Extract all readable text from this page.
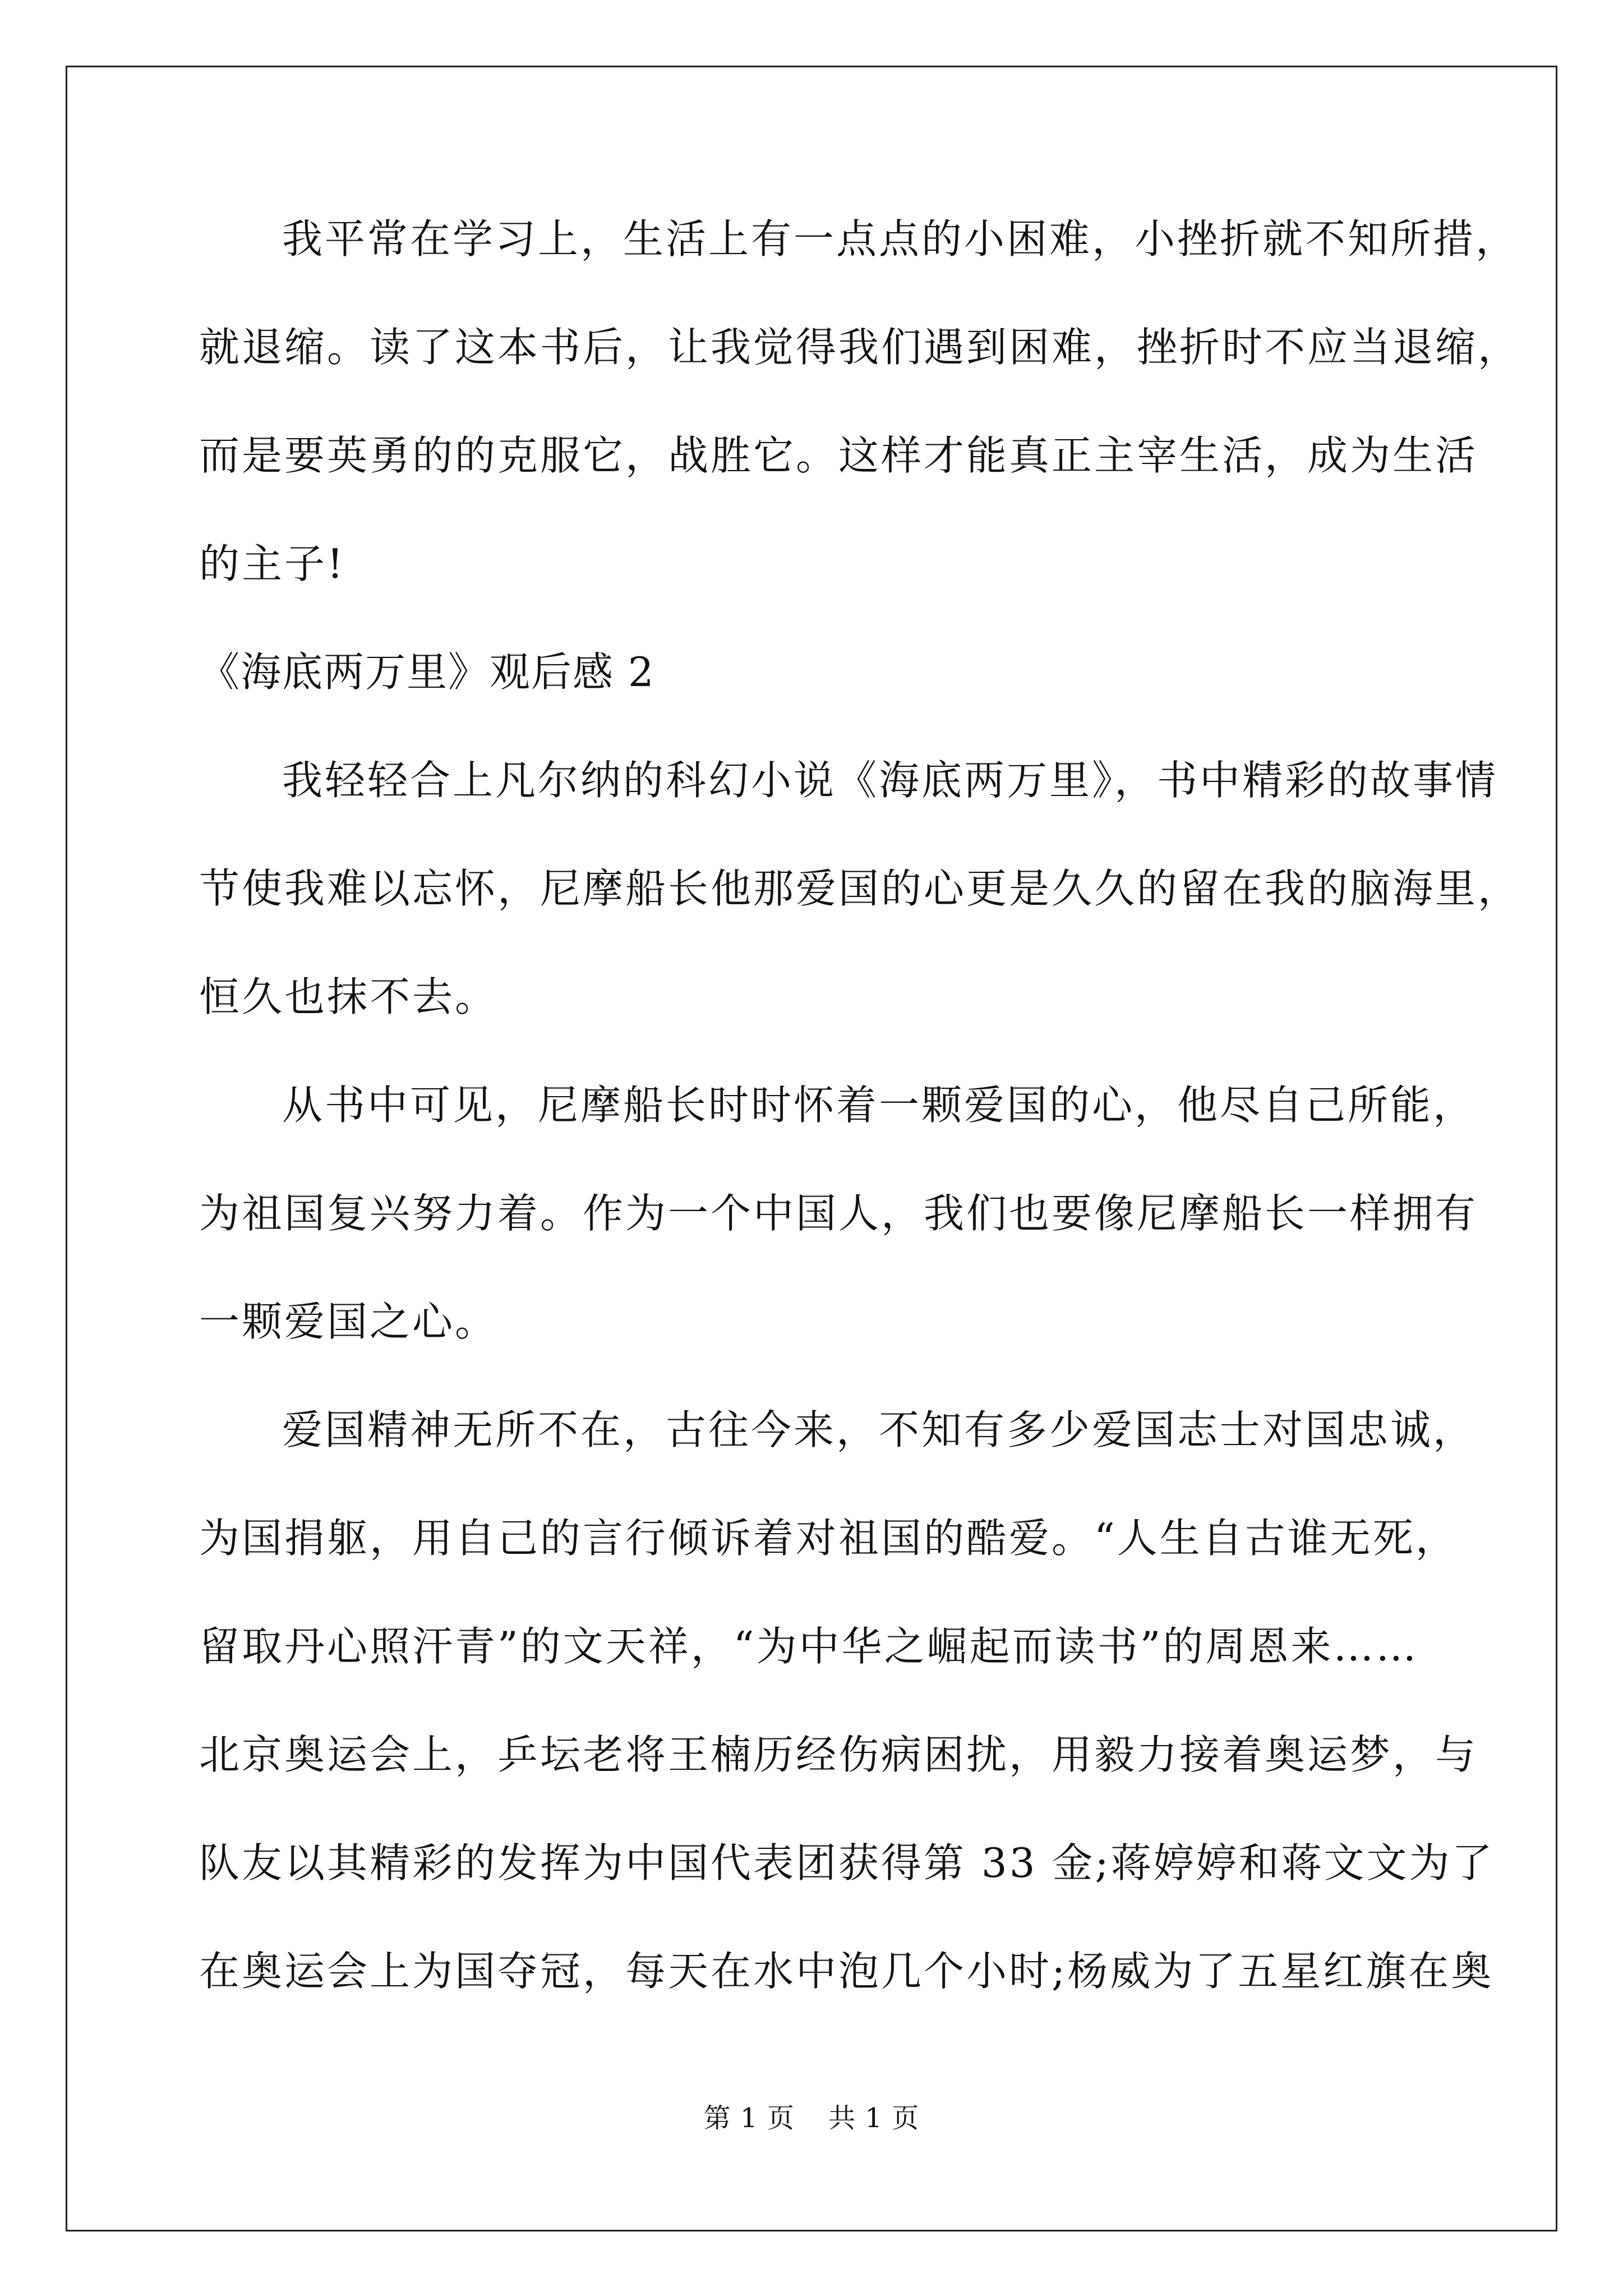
我平常在学习上，生活上有一点点的小困难，小挫折就不知所措，
就退缩。读了这本书后，让我觉得我们遇到困难，挫折时不应当退缩，
而是要英勇的的克服它，战胜它。这样才能真正主宰生活，成为生活
的主子!
《海底两万里》观后感 2
我轻轻合上凡尔纳的科幻小说《海底两万里》，书中精彩的故事情
节使我难以忘怀，尼摩船长他那爱国的心更是久久的留在我的脑海里，
恒久也抹不去。
从书中可见，尼摩船长时时怀着一颗爱国的心，他尽自己所能，
为祖国复兴努力着。作为一个中国人，我们也要像尼摩船长一样拥有
一颗爱国之心。
爱国精神无所不在，古往今来，不知有多少爱国志士对国忠诚，
为国捐躯，用自己的言行倾诉着对祖国的酷爱。“人生自古谁无死，
留取丹心照汗青”的文天祥，“为中华之崛起而读书”的周恩来……
北京奥运会上，乒坛老将王楠历经伤病困扰，用毅力接着奥运梦，与
队友以其精彩的发挥为中国代表团获得第 33 金;蒋婷婷和蒋文文为了
在奥运会上为国夺冠，每天在水中泡几个小时;杨威为了五星红旗在奥
第 1 页 共 1 页
